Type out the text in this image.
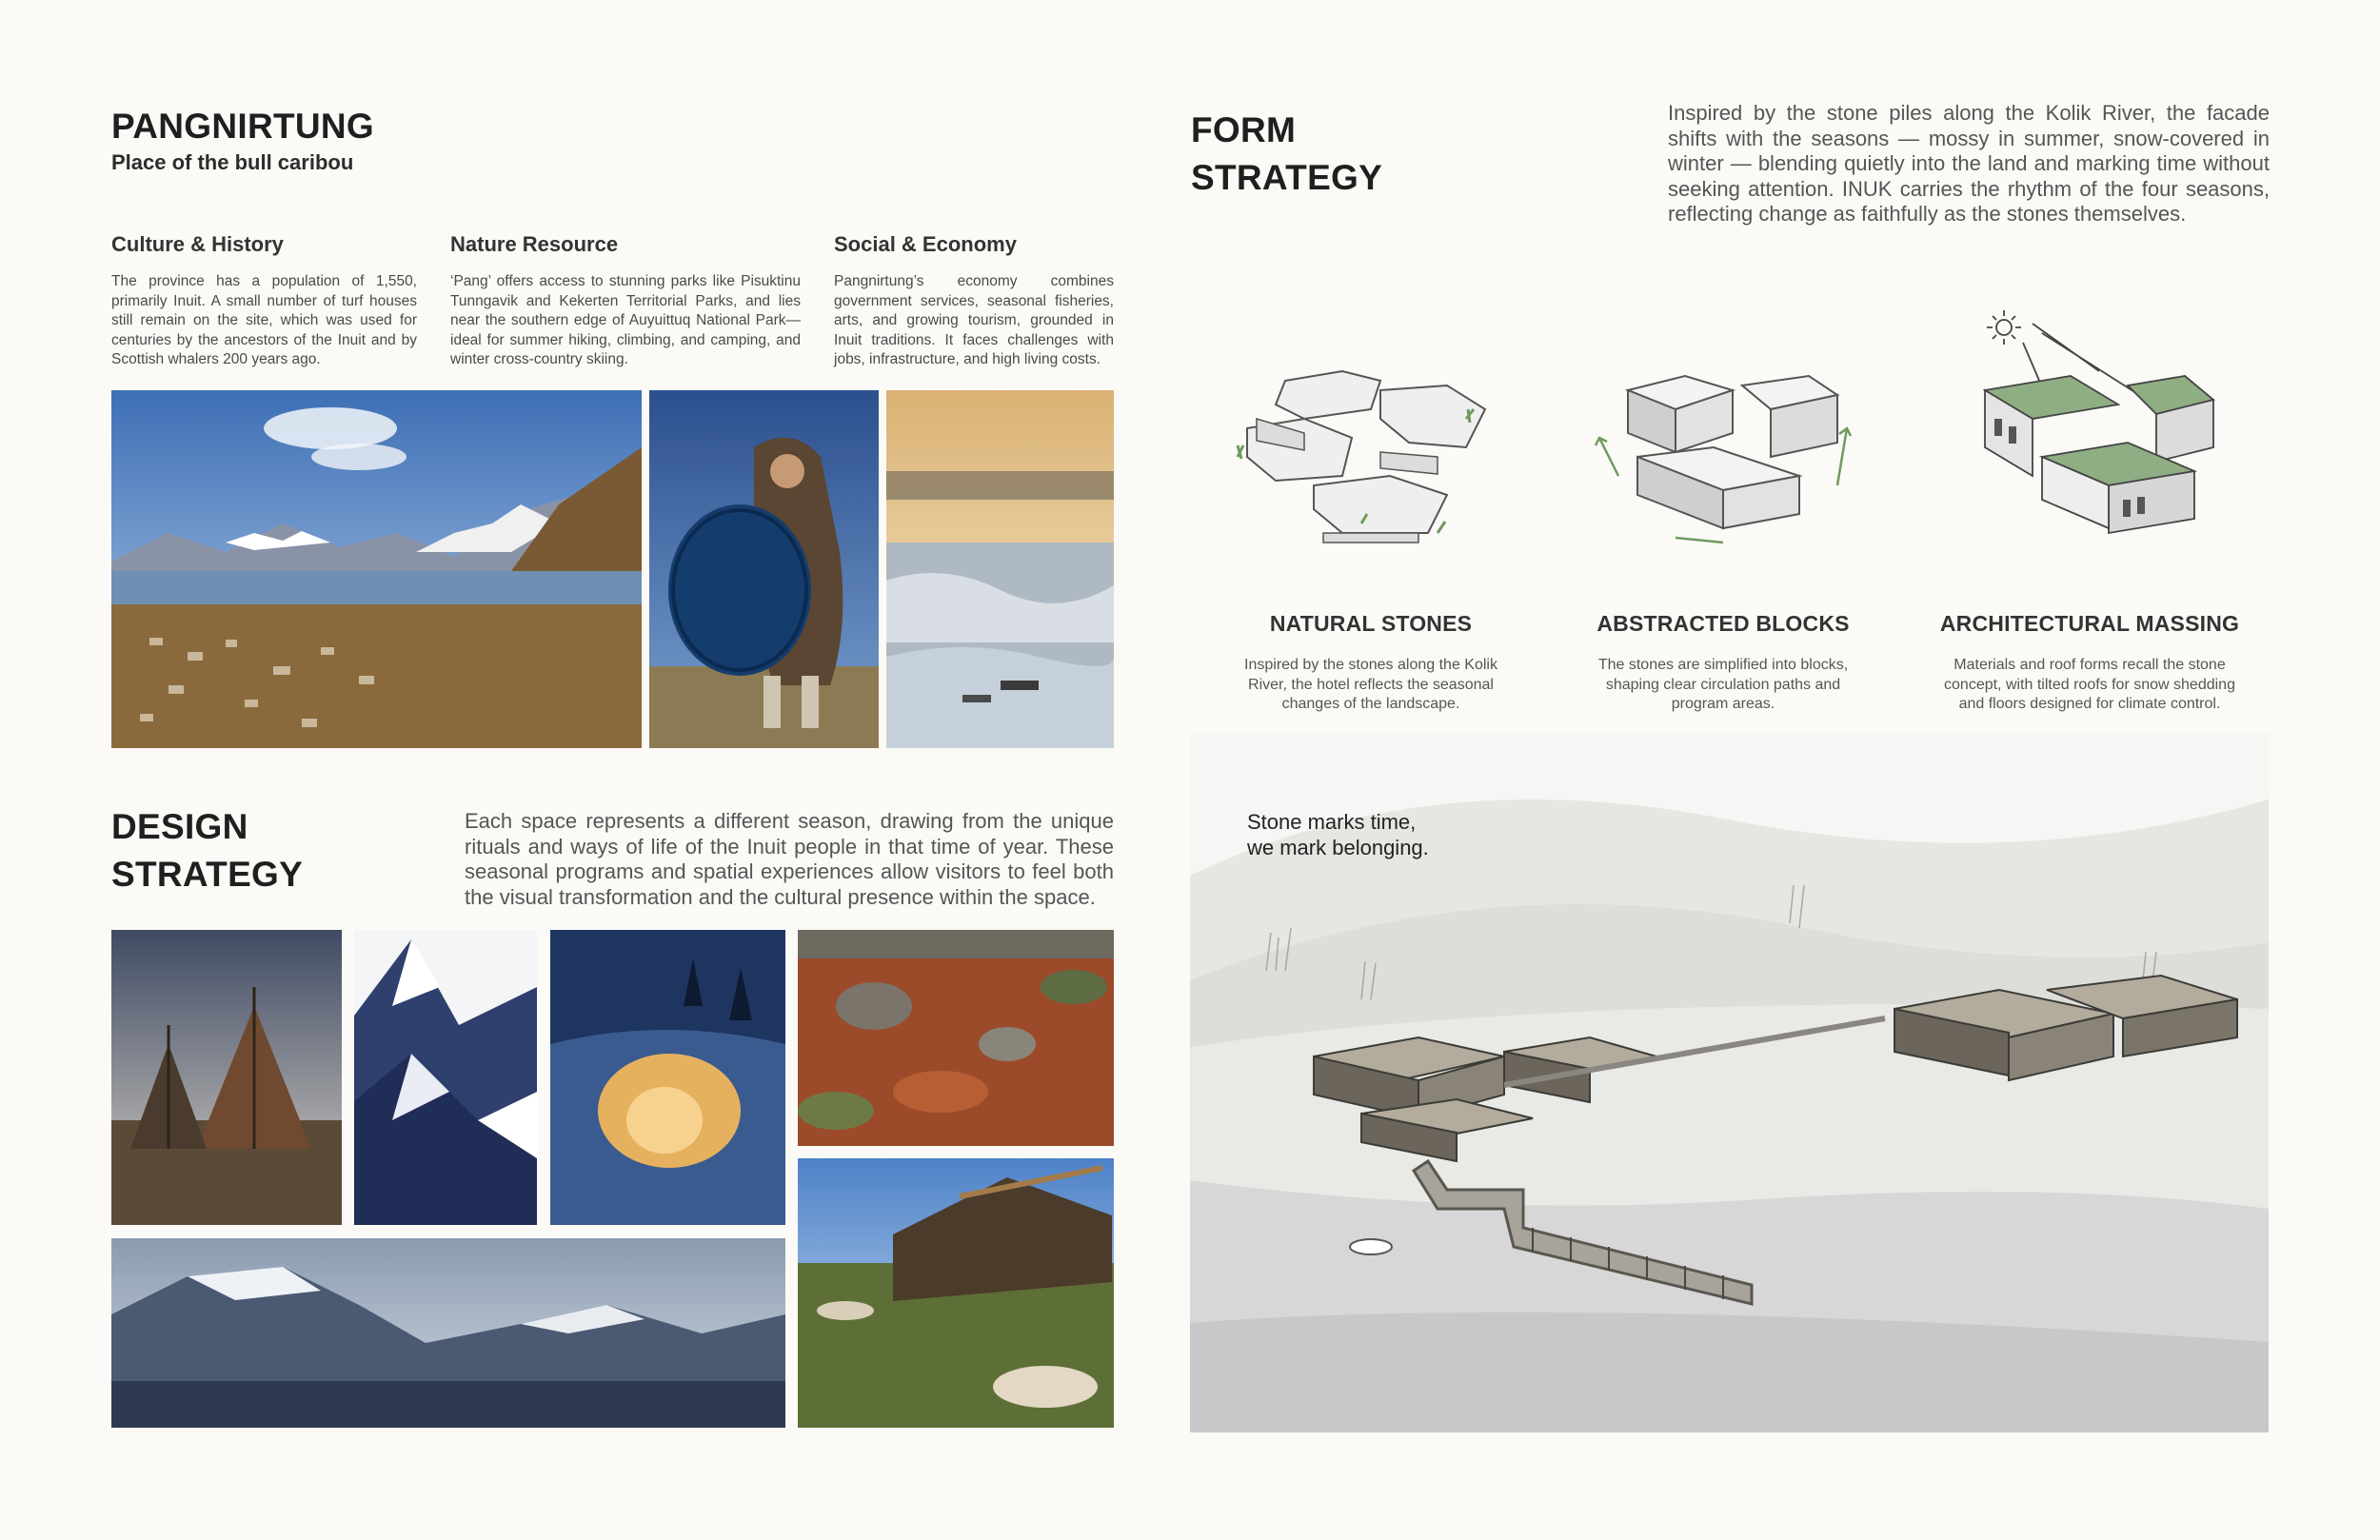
PANGNIRTUNG
Place of the bull caribou
Culture & History
The province has a population of 1,550, primarily Inuit. A small number of turf houses still remain on the site, which was used for centuries by the ancestors of the Inuit and by Scottish whalers 200 years ago.
Nature Resource
‘Pang’ offers access to stunning parks like Pisuktinu Tunngavik and Kekerten Territorial Parks, and lies near the southern edge of Auyuittuq National Park—ideal for summer hiking, climbing, and camping, and winter cross-country skiing.
Social & Economy
Pangnirtung’s economy combines government services, seasonal fisheries, arts, and growing tourism, grounded in Inuit traditions. It faces challenges with jobs, infrastructure, and high living costs.
DESIGN
STRATEGY
Each space represents a different season, drawing from the unique rituals and ways of life of the Inuit people in that time of year. These seasonal programs and spatial experiences allow visitors to feel both the visual transformation and the cultural presence within the space.
FORM
STRATEGY
Inspired by the stone piles along the Kolik River, the facade shifts with the seasons — mossy in summer, snow-covered in winter — blending quietly into the land and marking time without seeking attention. INUK carries the rhythm of the four seasons, reflecting change as faithfully as the stones themselves.
NATURAL STONES
Inspired by the stones along the Kolik River, the hotel reflects the seasonal changes of the landscape.
ABSTRACTED BLOCKS
The stones are simplified into blocks, shaping clear circulation paths and program areas.
ARCHITECTURAL MASSING
Materials and roof forms recall the stone concept, with tilted roofs for snow shedding and floors designed for climate control.
Stone marks time,
we mark belonging.
